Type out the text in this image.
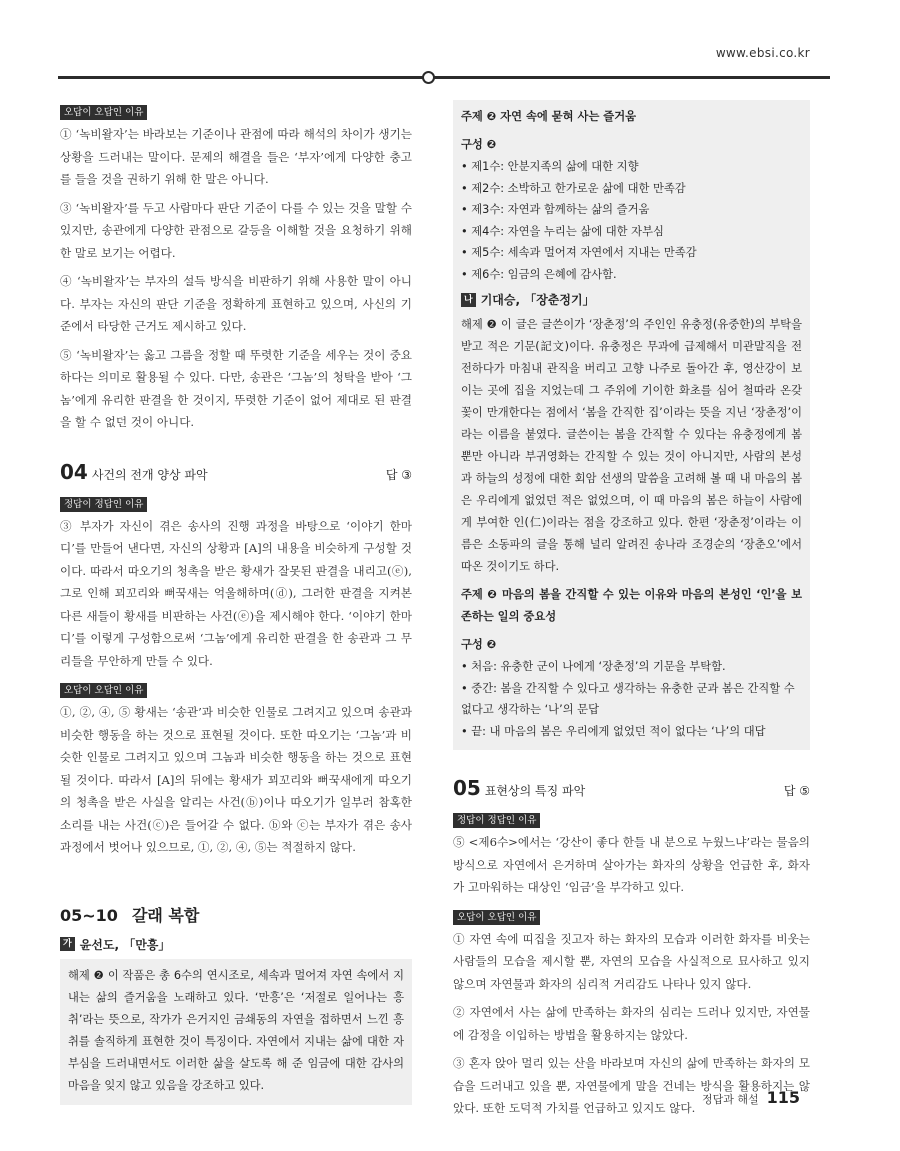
www.ebsi.co.kr
오답이 오답인 이유

① ‘녹비왈자’는 바라보는 기준이나 관점에 따라 해석의 차이가 생기는 상황을 드러내는 말이다. 문제의 해결을 들은 ‘부자’에게 다양한 충고를 들을 것을 권하기 위해 한 말은 아니다.

③ ‘녹비왈자’를 두고 사람마다 판단 기준이 다를 수 있는 것을 말할 수 있지만, 송관에게 다양한 관점으로 갈등을 이해할 것을 요청하기 위해 한 말로 보기는 어렵다.

④ ‘녹비왈자’는 부자의 설득 방식을 비판하기 위해 사용한 말이 아니다. 부자는 자신의 판단 기준을 정확하게 표현하고 있으며, 사신의 기준에서 타당한 근거도 제시하고 있다.

⑤ ‘녹비왈자’는 옳고 그름을 정할 때 뚜렷한 기준을 세우는 것이 중요하다는 의미로 활용될 수 있다. 다만, 송관은 ‘그놈’의 청탁을 받아 ‘그놈’에게 유리한 판결을 한 것이지, 뚜렷한 기준이 없어 제대로 된 판결을 할 수 없던 것이 아니다.

04 사건의 전개 양상 파악	답 ③
정답이 정답인 이유

③ 부자가 자신이 겪은 송사의 진행 과정을 바탕으로 ‘이야기 한마디’를 만들어 낸다면, 자신의 상황과 [A]의 내용을 비슷하게 구성할 것이다. 따라서 따오기의 청촉을 받은 황새가 잘못된 판결을 내리고(ⓔ), 그로 인해 꾀꼬리와 뻐꾹새는 억울해하며(ⓓ), 그러한 판결을 지켜본 다른 새들이 황새를 비판하는 사건(ⓔ)을 제시해야 한다. ‘이야기 한마디’를 이렇게 구성함으로써 ‘그놈’에게 유리한 판결을 한 송관과 그 무리들을 무안하게 만들 수 있다.

오답이 오답인 이유

①, ②, ④, ⑤ 황새는 ‘송관’과 비슷한 인물로 그려지고 있으며 송관과 비슷한 행동을 하는 것으로 표현될 것이다. 또한 따오기는 ‘그놈’과 비슷한 인물로 그려지고 있으며 그놈과 비슷한 행동을 하는 것으로 표현될 것이다. 따라서 [A]의 뒤에는 황새가 꾀꼬리와 뻐꾹새에게 따오기의 청촉을 받은 사실을 알리는 사건(ⓑ)이나 따오기가 일부러 참혹한 소리를 내는 사건(ⓒ)은 들어갈 수 없다. ⓑ와 ⓒ는 부자가 겪은 송사 과정에서 벗어나 있으므로, ①, ②, ④, ⑤는 적절하지 않다.

05~10 갈래 복합
가 윤선도, 「만흥」

해제 ❷ 이 작품은 총 6수의 연시조로, 세속과 멀어져 자연 속에서 지내는 삶의 즐거움을 노래하고 있다. ‘만흥’은 ‘저절로 일어나는 흥취’라는 뜻으로, 작가가 은거지인 금쇄동의 자연을 접하면서 느낀 흥취를 솔직하게 표현한 것이 특징이다. 자연에서 지내는 삶에 대한 자부심을 드러내면서도 이러한 삶을 살도록 해 준 임금에 대한 감사의 마음을 잊지 않고 있음을 강조하고 있다.

주제 ❷ 자연 속에 묻혀 사는 즐거움

구성 ❷

• 제1수: 안분지족의 삶에 대한 지향
• 제2수: 소박하고 한가로운 삶에 대한 만족감
• 제3수: 자연과 함께하는 삶의 즐거움
• 제4수: 자연을 누리는 삶에 대한 자부심
• 제5수: 세속과 멀어져 자연에서 지내는 만족감
• 제6수: 임금의 은혜에 감사함.
나 기대승, 「장춘정기」

해제 ❷ 이 글은 글쓴이가 ‘장춘정’의 주인인 유충정(유중한)의 부탁을 받고 적은 기문(記文)이다. 유충정은 무과에 급제해서 미관말직을 전전하다가 마침내 관직을 버리고 고향 나주로 돌아간 후, 영산강이 보이는 곳에 집을 지었는데 그 주위에 기이한 화초를 심어 철따라 온갖 꽃이 만개한다는 점에서 ‘봄을 간직한 집’이라는 뜻을 지닌 ‘장춘정’이라는 이름을 붙였다. 글쓴이는 봄을 간직할 수 있다는 유충정에게 봄뿐만 아니라 부귀영화는 간직할 수 있는 것이 아니지만, 사람의 본성과 하늘의 성정에 대한 회암 선생의 말씀을 고려해 볼 때 내 마음의 봄은 우리에게 없었던 적은 없었으며, 이 때 마음의 봄은 하늘이 사람에게 부여한 인(仁)이라는 점을 강조하고 있다. 한편 ‘장춘정’이라는 이름은 소동파의 글을 통해 널리 알려진 송나라 조경순의 ‘장춘오’에서 따온 것이기도 하다.

주제 ❷ 마음의 봄을 간직할 수 있는 이유와 마음의 본성인 ‘인’을 보존하는 일의 중요성

구성 ❷

• 처음: 유충한 군이 나에게 ‘장춘정’의 기문을 부탁함.
• 중간: 봄을 간직할 수 있다고 생각하는 유충한 군과 봄은 간직할 수 없다고 생각하는 ‘나’의 문답
• 끝: 내 마음의 봄은 우리에게 없었던 적이 없다는 ‘나’의 대답
05 표현상의 특징 파악	답 ⑤
정답이 정답인 이유

⑤ <제6수>에서는 ‘강산이 좋다 한들 내 분으로 누웠느냐’라는 물음의 방식으로 자연에서 은거하며 살아가는 화자의 상황을 언급한 후, 화자가 고마워하는 대상인 ‘임금’을 부각하고 있다.

오답이 오답인 이유

① 자연 속에 띠집을 짓고자 하는 화자의 모습과 이러한 화자를 비웃는 사람들의 모습을 제시할 뿐, 자연의 모습을 사실적으로 묘사하고 있지 않으며 자연물과 화자의 심리적 거리감도 나타나 있지 않다.

② 자연에서 사는 삶에 만족하는 화자의 심리는 드러나 있지만, 자연물에 감정을 이입하는 방법을 활용하지는 않았다.

③ 혼자 앉아 멀리 있는 산을 바라보며 자신의 삶에 만족하는 화자의 모습을 드러내고 있을 뿐, 자연물에게 말을 건네는 방식을 활용하지는 않았다. 또한 도덕적 가치를 언급하고 있지도 않다.

정답과 해설 115
